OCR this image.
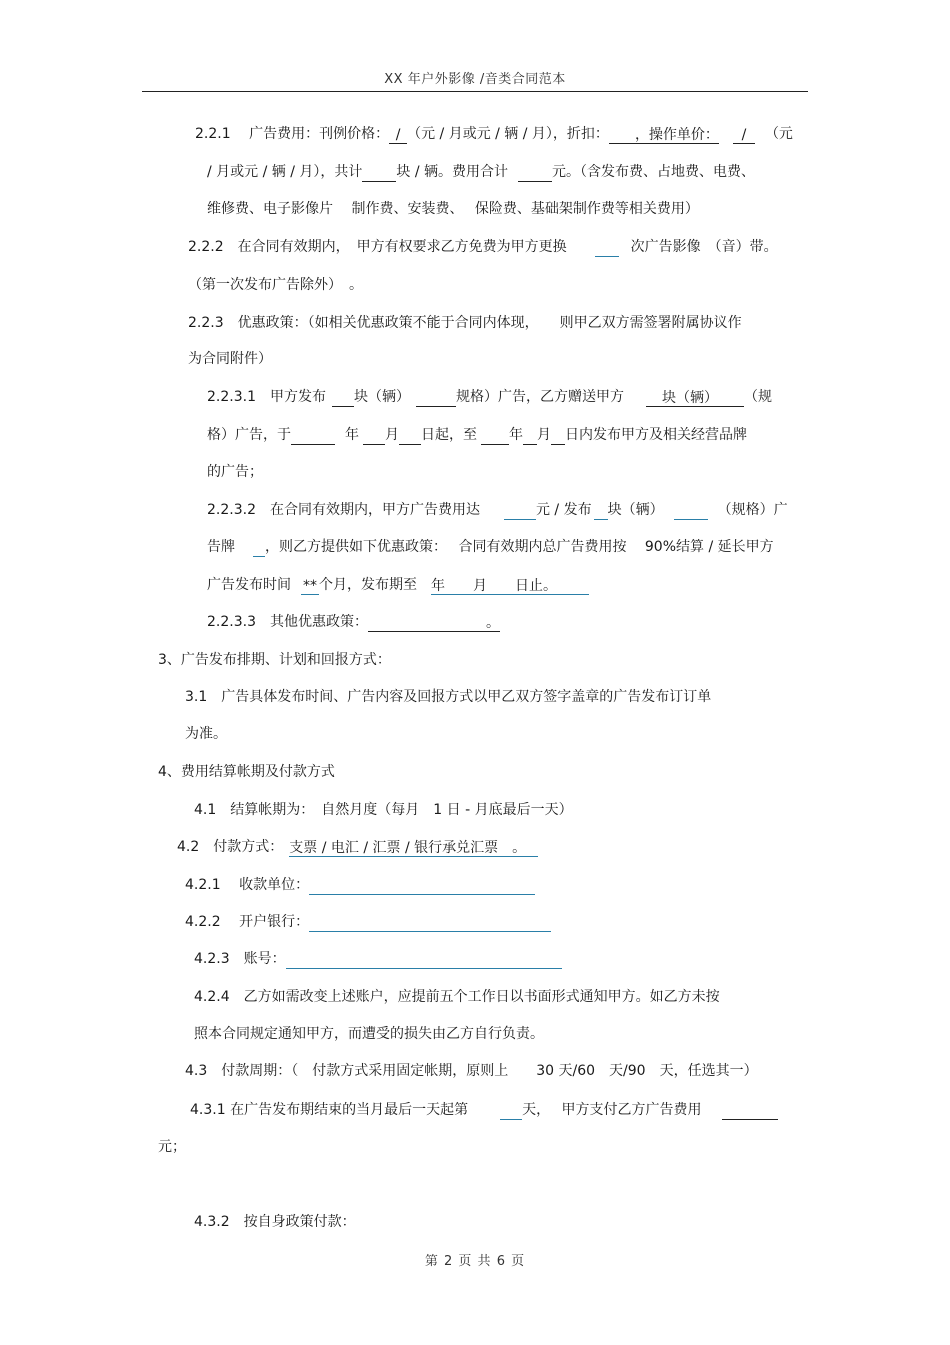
XX 年户外影像 /音类合同范本
2.2.1　 广告费用：刊例价格： / （元 / 月或元 / 辆 / 月），折扣： ，操作单价： / （元
/ 月或元 / 辆 / 月），共计 块 / 辆。费用合计	元。（含发布费、占地费、电费、
维修费、电子影像片　 制作费、安装费、　 保险费、基础架制作费等相关费用）
2.2.2　在合同有效期内，　甲方有权要求乙方免费为甲方更换	次广告影像　（音）带。
（第一次发布广告除外）　。
2.2.3　优惠政策：（如相关优惠政策不能于合同内体现，　　则甲乙双方需签署附属协议作
为合同附件）
2.2.3.1　甲方发布 块（辆）	规格）广告，乙方赠送甲方	块（辆） （规
格）广告，于	年 月 日起，至 年 月 日内发布甲方及相关经营品牌
的广告；
2.2.3.2　在合同有效期内，甲方广告费用达	元 / 发布 块（辆）	（规格）广
告牌 ，则乙方提供如下优惠政策：　 合同有效期内总广告费用按　 90%结算 / 延长甲方
广告发布时间 ** 个月，发布期至 年　　月　　日止。
2.2.3.3　其他优惠政策：	。
3、广告发布排期、计划和回报方式：
3.1　广告具体发布时间、广告内容及回报方式以甲乙双方签字盖章的广告发布订订单
为准。
4、费用结算帐期及付款方式
4.1　结算帐期为：　自然月度（每月　1 日 - 月底最后一天）
4.2　付款方式： 支票 / 电汇 / 汇票 / 银行承兑汇票　。
4.2.1　 收款单位：
4.2.2　 开户银行：
4.2.3　账号：
4.2.4　乙方如需改变上述账户，应提前五个工作日以书面形式通知甲方。如乙方未按
照本合同规定通知甲方，而遭受的损失由乙方自行负责。
4.3　付款周期：（　付款方式采用固定帐期，原则上　　30 天/60　天/90　天，任选其一）
4.3.1 在广告发布期结束的当月最后一天起第	天，　 甲方支付乙方广告费用
元；
4.3.2　按自身政策付款：
第 2 页 共 6 页
